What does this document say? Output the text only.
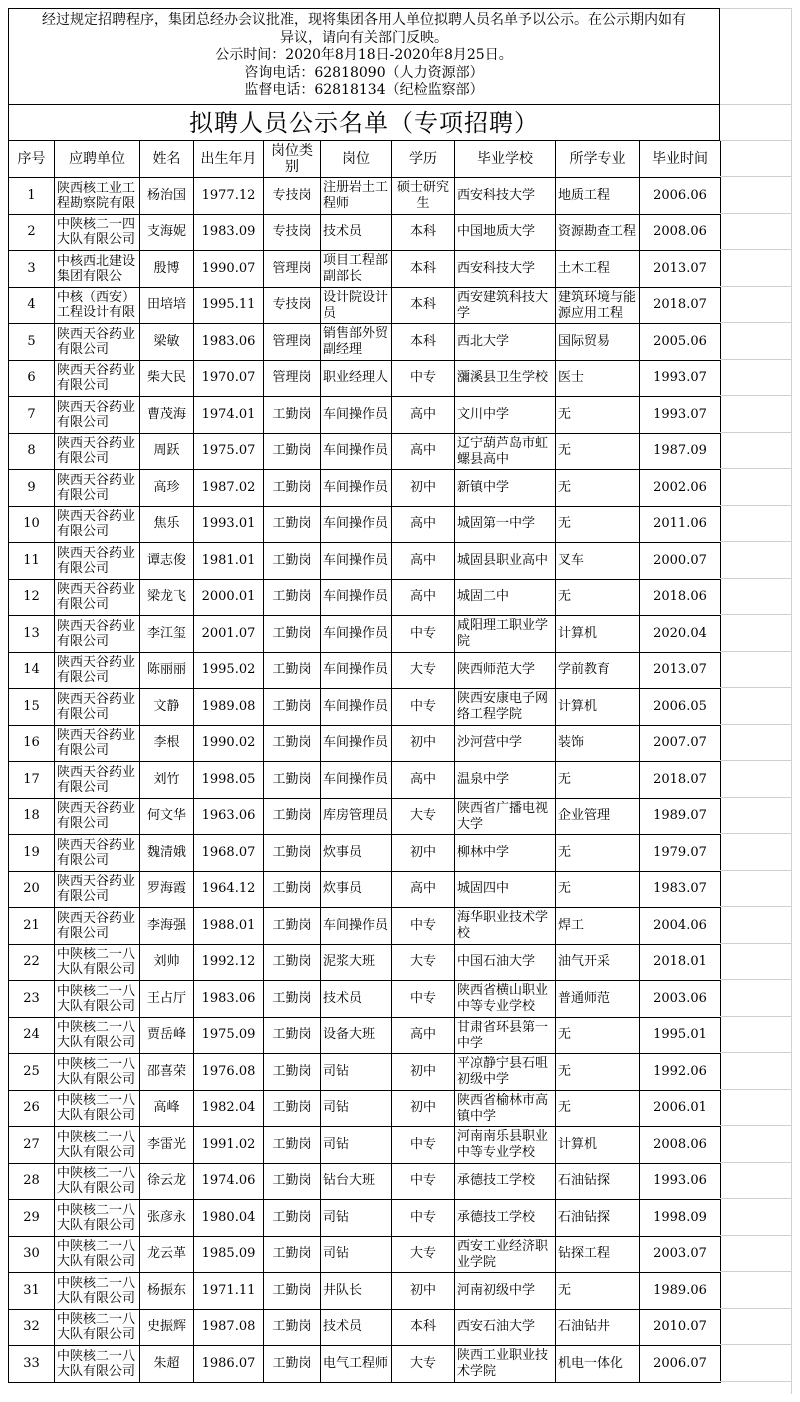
经过规定招聘程序，集团总经办会议批准，现将集团各用人单位拟聘人员名单予以公示。在公示期内如有
异议，请向有关部门反映。
公示时间：2020年8月18日-2020年8月25日。
咨询电话：62818090（人力资源部）
监督电话：62818134（纪检监察部）
拟聘人员公示名单（专项招聘）
序号	应聘单位	姓名	出生年月	岗位类别	岗位	学历	毕业学校	所学专业	毕业时间

1	陕西核工业工程勘察院有限	杨治国	1977.12	专技岗	注册岩土工程师	硕士研究生	西安科技大学	地质工程	2006.06

2	中陕核二一四大队有限公司	支海妮	1983.09	专技岗	技术员	本科	中国地质大学	资源勘查工程	2008.06

3	中核西北建设集团有限公	殷博	1990.07	管理岗	项目工程部副部长	本科	西安科技大学	土木工程	2013.07

4	中核（西安）工程设计有限	田培培	1995.11	专技岗	设计院设计员	本科	西安建筑科技大学	建筑环境与能源应用工程	2018.07

5	陕西天谷药业有限公司	梁敏	1983.06	管理岗	销售部外贸副经理	本科	西北大学	国际贸易	2005.06

6	陕西天谷药业有限公司	柴大民	1970.07	管理岗	职业经理人	中专	瀰溪县卫生学校	医士	1993.07

7	陕西天谷药业有限公司	曹茂海	1974.01	工勤岗	车间操作员	高中	文川中学	无	1993.07

8	陕西天谷药业有限公司	周跃	1975.07	工勤岗	车间操作员	高中	辽宁葫芦岛市虹螺县高中	无	1987.09

9	陕西天谷药业有限公司	高珍	1987.02	工勤岗	车间操作员	初中	新镇中学	无	2002.06

10	陕西天谷药业有限公司	焦乐	1993.01	工勤岗	车间操作员	高中	城固第一中学	无	2011.06

11	陕西天谷药业有限公司	谭志俊	1981.01	工勤岗	车间操作员	高中	城固县职业高中	叉车	2000.07

12	陕西天谷药业有限公司	梁龙飞	2000.01	工勤岗	车间操作员	高中	城固二中	无	2018.06

13	陕西天谷药业有限公司	李江玺	2001.07	工勤岗	车间操作员	中专	咸阳理工职业学院	计算机	2020.04

14	陕西天谷药业有限公司	陈丽丽	1995.02	工勤岗	车间操作员	大专	陕西师范大学	学前教育	2013.07

15	陕西天谷药业有限公司	文静	1989.08	工勤岗	车间操作员	中专	陕西安康电子网络工程学院	计算机	2006.05

16	陕西天谷药业有限公司	李根	1990.02	工勤岗	车间操作员	初中	沙河营中学	装饰	2007.07

17	陕西天谷药业有限公司	刘竹	1998.05	工勤岗	车间操作员	高中	温泉中学	无	2018.07

18	陕西天谷药业有限公司	何文华	1963.06	工勤岗	库房管理员	大专	陕西省广播电视大学	企业管理	1989.07

19	陕西天谷药业有限公司	魏清娥	1968.07	工勤岗	炊事员	初中	柳林中学	无	1979.07

20	陕西天谷药业有限公司	罗海霞	1964.12	工勤岗	炊事员	高中	城固四中	无	1983.07

21	陕西天谷药业有限公司	李海强	1988.01	工勤岗	车间操作员	中专	海华职业技术学校	焊工	2004.06

22	中陕核二一八大队有限公司	刘帅	1992.12	工勤岗	泥浆大班	大专	中国石油大学	油气开采	2018.01

23	中陕核二一八大队有限公司	王占厅	1983.06	工勤岗	技术员	中专	陕西省横山职业中等专业学校	普通师范	2003.06

24	中陕核二一八大队有限公司	贾岳峰	1975.09	工勤岗	设备大班	高中	甘肃省环县第一中学	无	1995.01

25	中陕核二一八大队有限公司	邵喜荣	1976.08	工勤岗	司钻	初中	平凉静宁县石咀初级中学	无	1992.06

26	中陕核二一八大队有限公司	高峰	1982.04	工勤岗	司钻	初中	陕西省榆林市高镇中学	无	2006.01

27	中陕核二一八大队有限公司	李雷光	1991.02	工勤岗	司钻	中专	河南南乐县职业中等专业学校	计算机	2008.06

28	中陕核二一八大队有限公司	徐云龙	1974.06	工勤岗	钻台大班	中专	承德技工学校	石油钻探	1993.06

29	中陕核二一八大队有限公司	张彦永	1980.04	工勤岗	司钻	中专	承德技工学校	石油钻探	1998.09

30	中陕核二一八大队有限公司	龙云革	1985.09	工勤岗	司钻	大专	西安工业经济职业学院	钻探工程	2003.07

31	中陕核二一八大队有限公司	杨振东	1971.11	工勤岗	井队长	初中	河南初级中学	无	1989.06

32	中陕核二一八大队有限公司	史振辉	1987.08	工勤岗	技术员	本科	西安石油大学	石油钻井	2010.07

33	中陕核二一八大队有限公司	朱超	1986.07	工勤岗	电气工程师	大专	陕西工业职业技术学院	机电一体化	2006.07
